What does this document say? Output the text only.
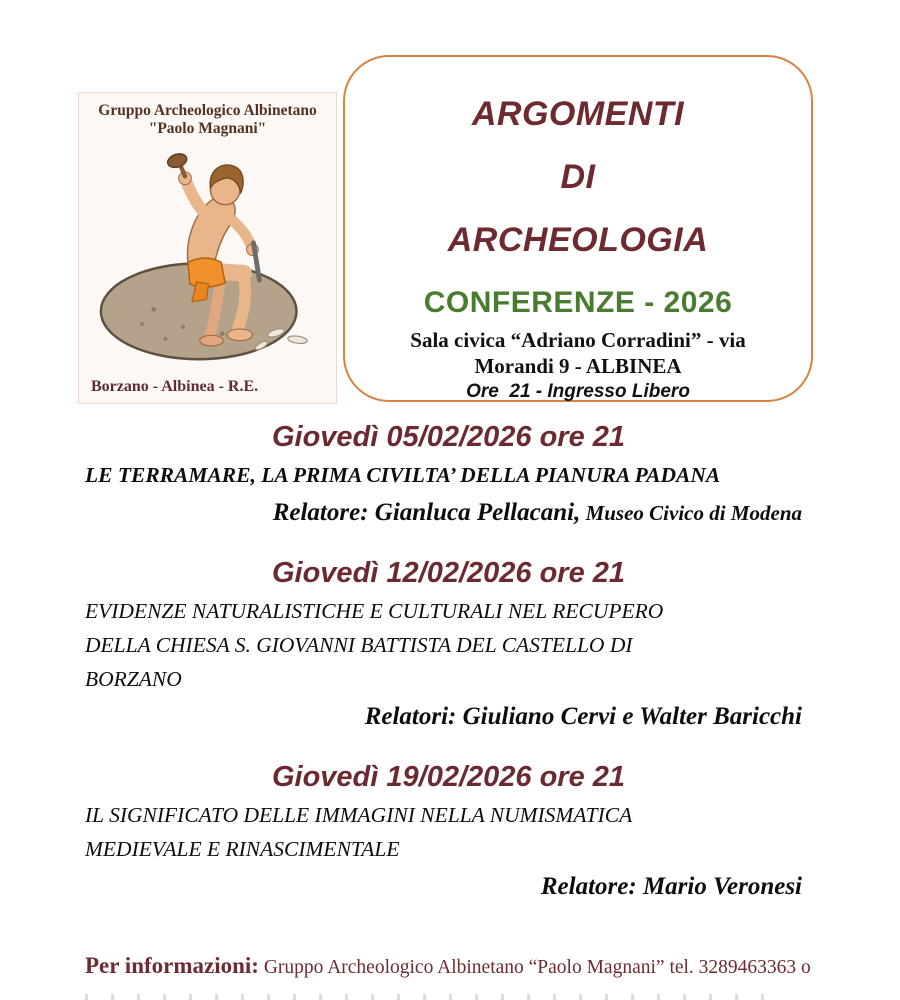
Gruppo Archeologico Albinetano
"Paolo Magnani"
Borzano - Albinea - R.E.
ARGOMENTI
DI
ARCHEOLOGIA
CONFERENZE - 2026
Sala civica “Adriano Corradini” - via
Morandi 9 - ALBINEA
Ore  21 - Ingresso Libero
Giovedì 05/02/2026 ore 21
LE TERRAMARE, LA PRIMA CIVILTA’ DELLA PIANURA PADANA
Relatore: Gianluca Pellacani, Museo Civico di Modena
Giovedì 12/02/2026 ore 21
EVIDENZE NATURALISTICHE E CULTURALI NEL RECUPERO
DELLA CHIESA S. GIOVANNI BATTISTA DEL CASTELLO DI
BORZANO
Relatori: Giuliano Cervi e Walter Baricchi
Giovedì 19/02/2026 ore 21
IL SIGNIFICATO DELLE IMMAGINI NELLA NUMISMATICA
MEDIEVALE E RINASCIMENTALE
Relatore: Mario Veronesi
Per informazioni: Gruppo Archeologico Albinetano “Paolo Magnani” tel. 3289463363 o
